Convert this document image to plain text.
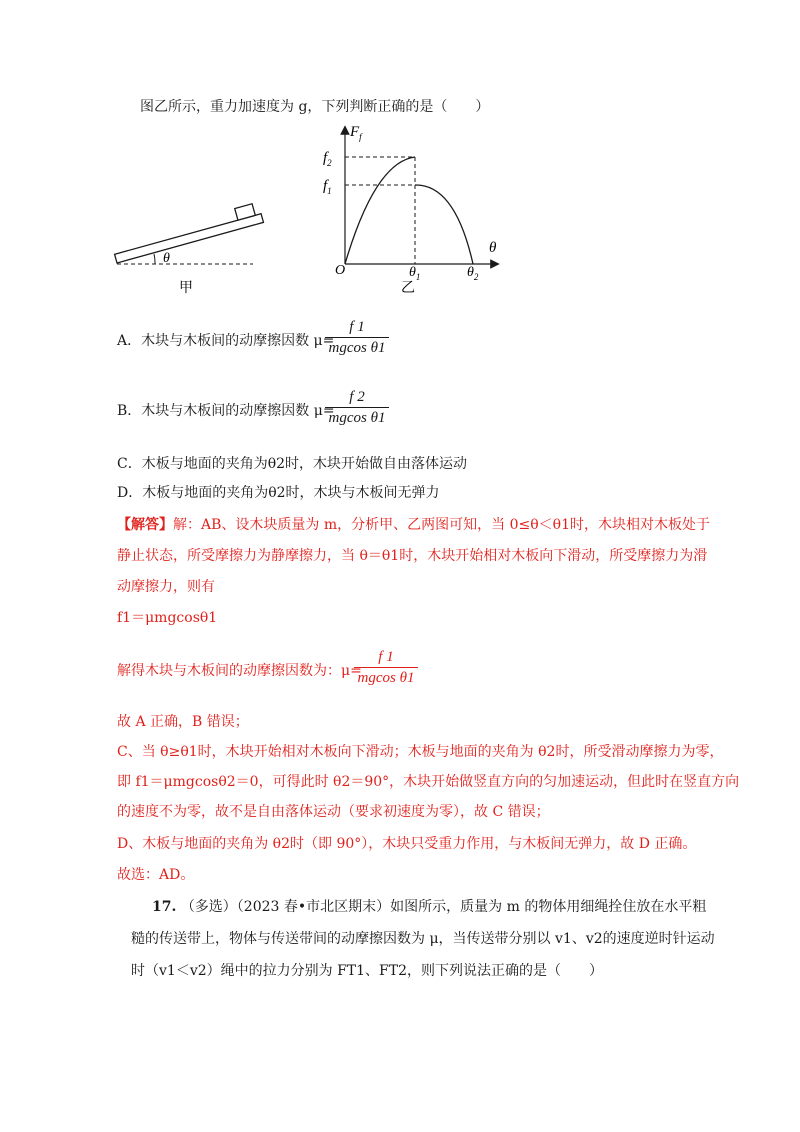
图乙所示，重力加速度为 g，下列判断正确的是（　　）
θ
甲
$F_f$
$f_2$
$f_1$
θ
O	$\theta_1$	$\theta_2$
乙
A．木块与木板间的动摩擦因数 μ=
f 1
mgcos θ1
B．木块与木板间的动摩擦因数 μ=
f 2
mgcos θ1
C．木板与地面的夹角为θ2时，木块开始做自由落体运动
D．木板与地面的夹角为θ2时，木块与木板间无弹力
【解答】解：AB、设木块质量为 m，分析甲、乙两图可知，当 0≤θ＜θ1时，木块相对木板处于
静止状态，所受摩擦力为静摩擦力，当 θ＝θ1时，木块开始相对木板向下滑动，所受摩擦力为滑
动摩擦力，则有
f1＝μmgcosθ1
解得木块与木板间的动摩擦因数为：μ=
f 1
mgcos θ1
故 A 正确，B 错误；
C、当 θ≥θ1时，木块开始相对木板向下滑动；木板与地面的夹角为 θ2时，所受滑动摩擦力为零，
即 f1＝μmgcosθ2＝0，可得此时 θ2＝90°，木块开始做竖直方向的匀加速运动，但此时在竖直方向
的速度不为零，故不是自由落体运动（要求初速度为零），故 C 错误；
D、木板与地面的夹角为 θ2时（即 90°），木块只受重力作用，与木板间无弹力，故 D 正确。
故选：AD。
17. （多选）（2023 春•市北区期末）如图所示，质量为 m 的物体用细绳拴住放在水平粗
糙的传送带上，物体与传送带间的动摩擦因数为 μ，当传送带分别以 v1、v2的速度逆时针运动
时（v1＜v2）绳中的拉力分别为 FT1、FT2，则下列说法正确的是（　　）
